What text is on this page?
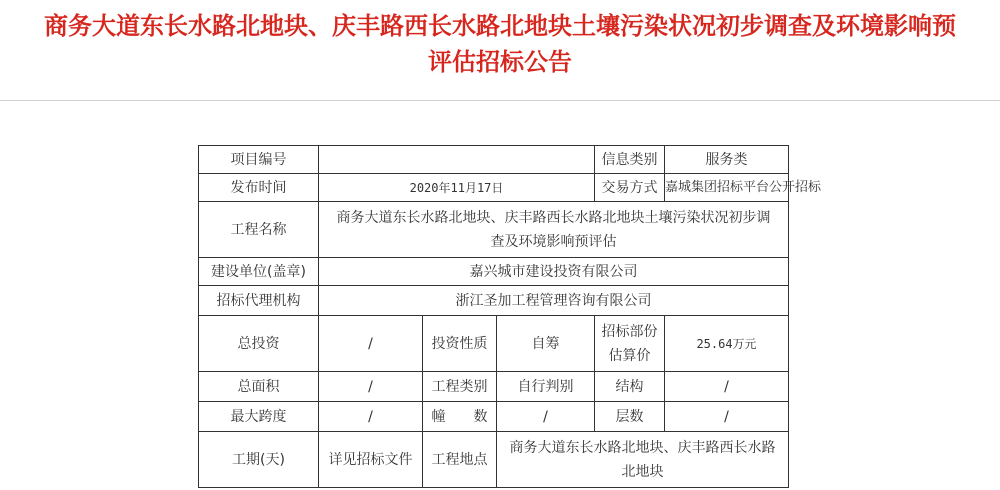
商务大道东长水路北地块、庆丰路西长水路北地块土壤污染状况初步调查及环境影响预
评估招标公告
项目编号				信息类别	服务类
发布时间	2020年11月17日			交易方式	嘉城集团招标平台公开招标
工程名称	商务大道东长水路北地块、庆丰路西长水路北地块土壤污染状况初步调查及环境影响预评估				
建设单位(盖章)	嘉兴城市建设投资有限公司				
招标代理机构	浙江圣加工程管理咨询有限公司				
总投资	/	投资性质	自筹	招标部份估算价	25.64万元
总面积	/	工程类别	自行判别	结构	/
最大跨度	/	幢　　数	/	层数	/
工期(天)	详见招标文件	工程地点	商务大道东长水路北地块、庆丰路西长水路北地块		
